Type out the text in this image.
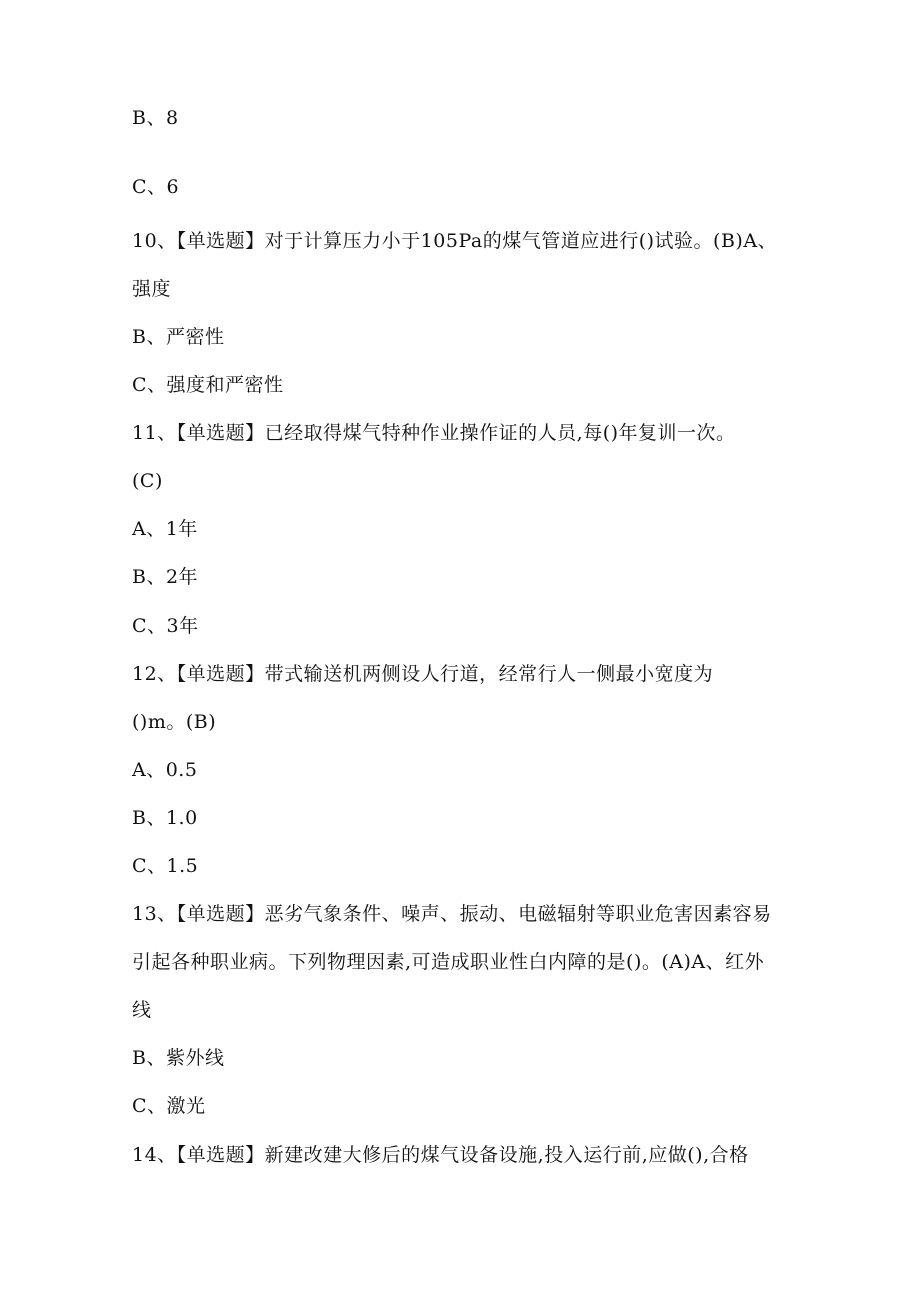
B、8
C、6
10、【单选题】对于计算压力小于105Pa的煤气管道应进行()试验。(B)A、
强度
B、严密性
C、强度和严密性
11、【单选题】已经取得煤气特种作业操作证的人员,每()年复训一次。
(C)
A、1年
B、2年
C、3年
12、【单选题】带式输送机两侧设人行道，经常行人一侧最小宽度为
()m。(B)
A、0.5
B、1.0
C、1.5
13、【单选题】恶劣气象条件、噪声、振动、电磁辐射等职业危害因素容易
引起各种职业病。下列物理因素,可造成职业性白内障的是()。(A)A、红外
线
B、紫外线
C、激光
14、【单选题】新建改建大修后的煤气设备设施,投入运行前,应做(),合格
